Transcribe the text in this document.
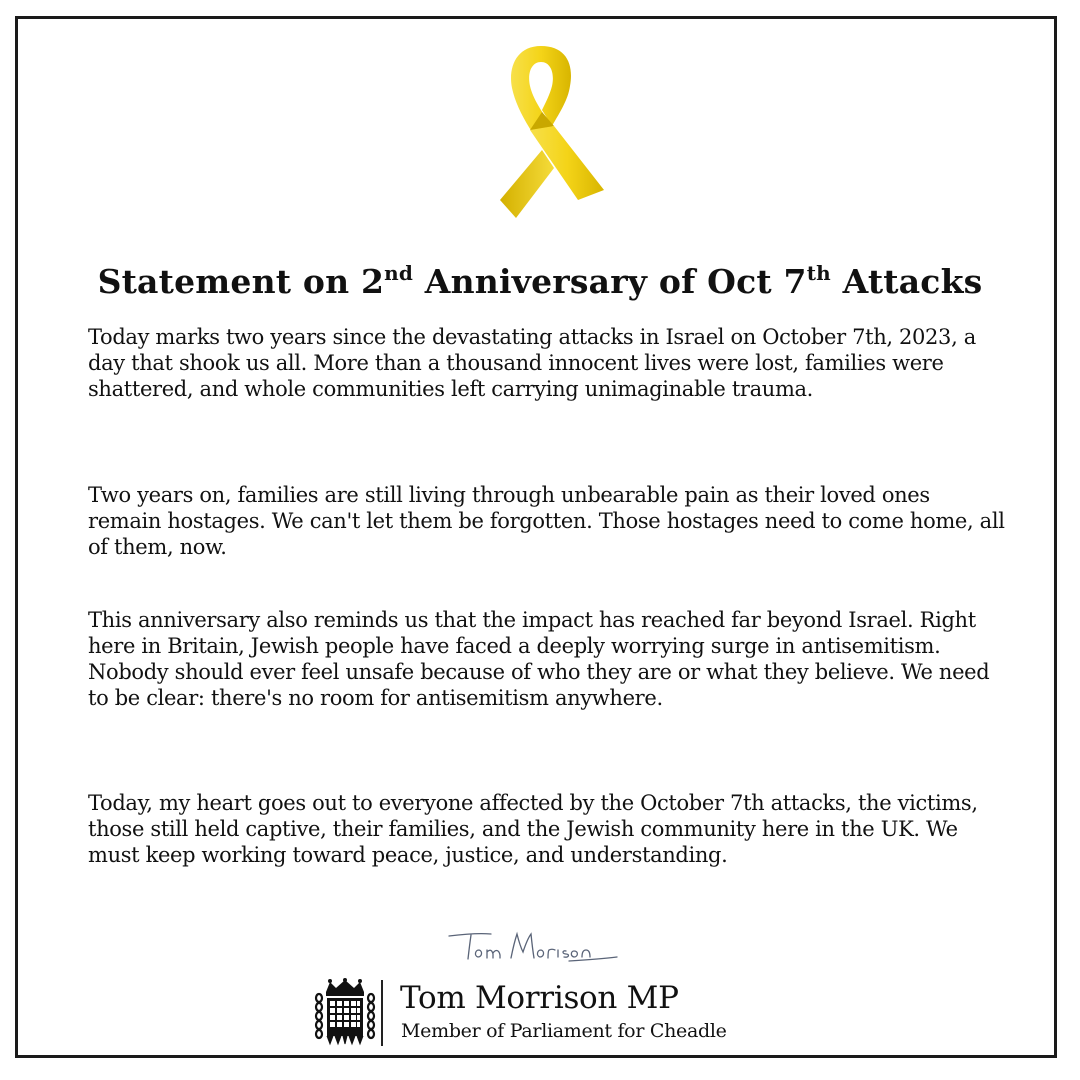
Statement on 2nd Anniversary of Oct 7th Attacks

Today marks two years since the devastating attacks in Israel on October 7th, 2023, a day that shook us all. More than a thousand innocent lives were lost, families were shattered, and whole communities left carrying unimaginable trauma.

Two years on, families are still living through unbearable pain as their loved ones remain hostages. We can't let them be forgotten. Those hostages need to come home, all of them, now.

This anniversary also reminds us that the impact has reached far beyond Israel. Right here in Britain, Jewish people have faced a deeply worrying surge in antisemitism. Nobody should ever feel unsafe because of who they are or what they believe. We need to be clear: there's no room for antisemitism anywhere.

Today, my heart goes out to everyone affected by the October 7th attacks, the victims, those still held captive, their families, and the Jewish community here in the UK. We must keep working toward peace, justice, and understanding.

Tom Morrison MP
Member of Parliament for Cheadle
